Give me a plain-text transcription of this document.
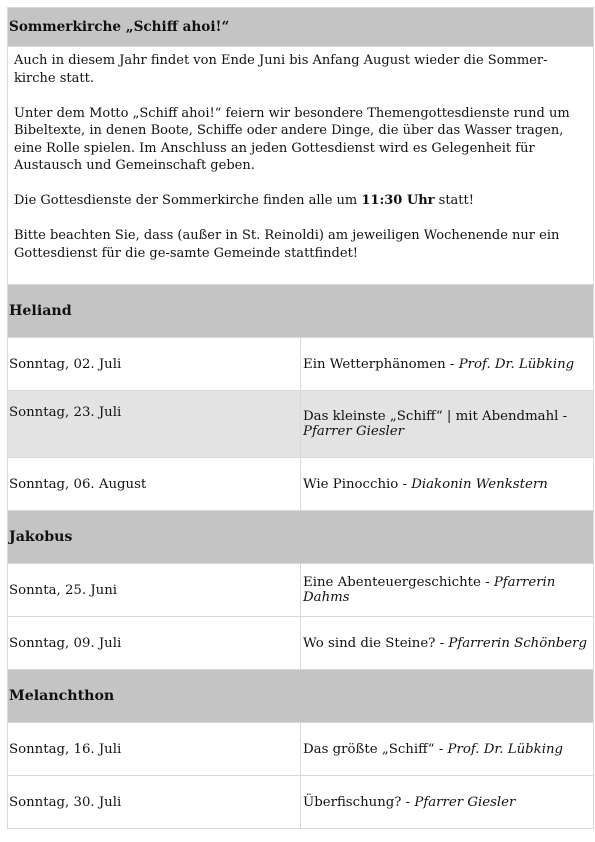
Sommerkirche „Schiff ahoi!“	

Auch in diesem Jahr findet von Ende Juni bis Anfang August wieder die Sommer-kirche statt.

Unter dem Motto „Schiff ahoi!“ feiern wir besondere Themengottesdienste rund um Bibeltexte, in denen Boote, Schiffe oder andere Dinge, die über das Wasser tragen, eine Rolle spielen. Im Anschluss an jeden Gottesdienst wird es Gelegenheit für Austausch und Gemeinschaft geben.

Die Gottesdienste der Sommerkirche finden alle um 11:30 Uhr statt!

Bitte beachten Sie, dass (außer in St. Reinoldi) am jeweiligen Wochenende nur ein Gottesdienst für die ge-samte Gemeinde stattfindet!	

Heliand	
Sonntag, 02. Juli	Ein Wetterphänomen - Prof. Dr. Lübking
Sonntag, 23. Juli	Das kleinste „Schiff“ | mit Abendmahl - Pfarrer Giesler
Sonntag, 06. August	Wie Pinocchio - Diakonin Wenkstern
Jakobus	
Sonnta, 25. Juni	Eine Abenteuergeschichte - Pfarrerin Dahms
Sonntag, 09. Juli	Wo sind die Steine? - Pfarrerin Schönberg
Melanchthon	
Sonntag, 16. Juli	Das größte „Schiff“ - Prof. Dr. Lübking
Sonntag, 30. Juli	Überfischung? - Pfarrer Giesler
